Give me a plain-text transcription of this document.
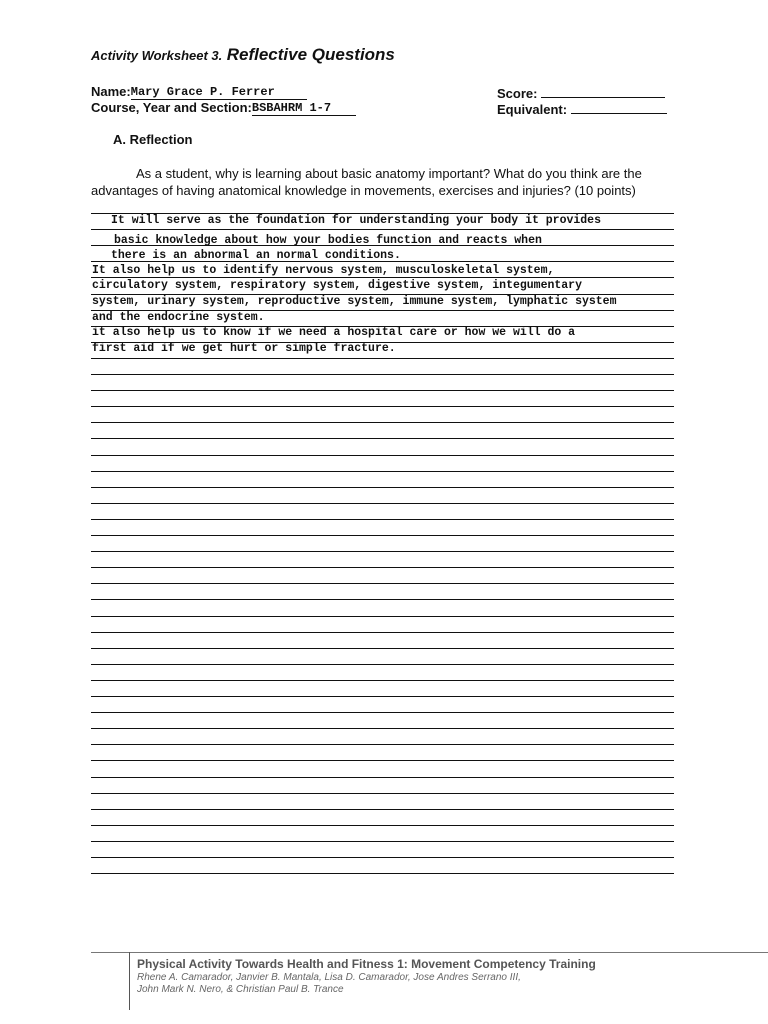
Activity Worksheet 3. Reflective Questions
Name:Mary Grace P. Ferrer
Course, Year and Section:BSBAHRM 1-7
Score:
Equivalent:
A. Reflection
As a student, why is learning about basic anatomy important? What do you think are the
advantages of having anatomical knowledge in movements, exercises and injuries? (10 points)
It will serve as the foundation for understanding your body it provides
basic knowledge about how your bodies function and reacts when
there is an abnormal an normal conditions.
It also help us to identify nervous system, musculoskeletal system,
circulatory system, respiratory system, digestive system, integumentary
system, urinary system, reproductive system, immune system, lymphatic system
and the endocrine system.
it also help us to know if we need a hospital care or how we will do a
first aid if we get hurt or simple fracture.
Physical Activity Towards Health and Fitness 1: Movement Competency Training
Rhene A. Camarador, Janvier B. Mantala, Lisa D. Camarador, Jose Andres Serrano III,
John Mark N. Nero, & Christian Paul B. Trance
